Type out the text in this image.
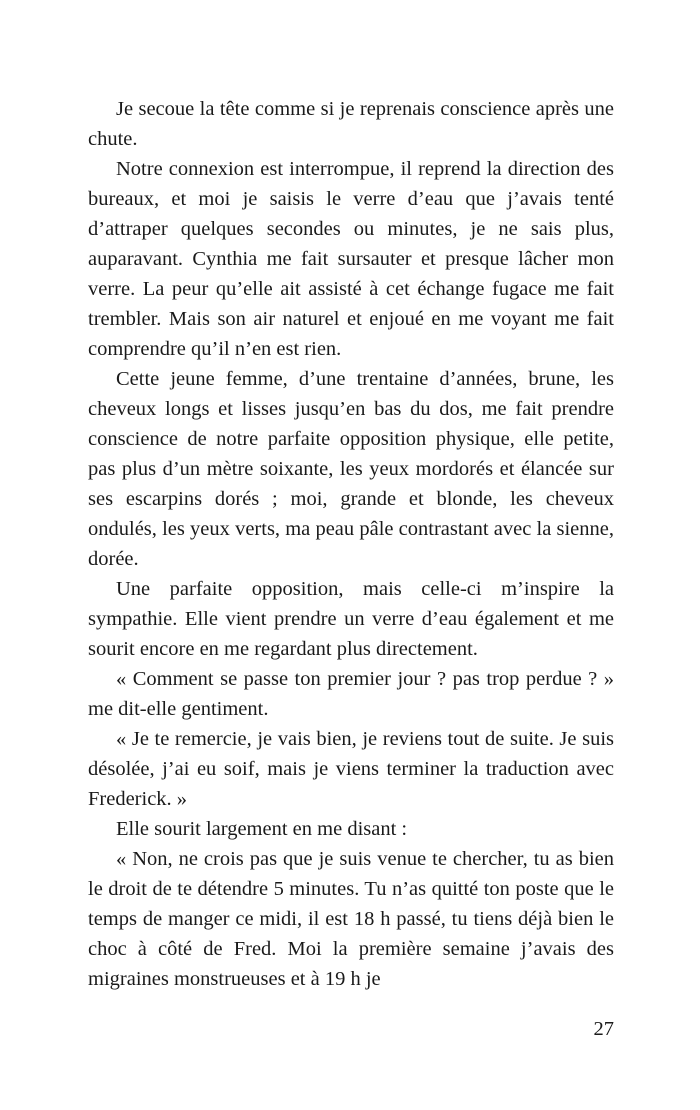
Je secoue la tête comme si je reprenais conscience après une chute.

Notre connexion est interrompue, il reprend la direction des bureaux, et moi je saisis le verre d’eau que j’avais tenté d’attraper quelques secondes ou minutes, je ne sais plus, auparavant. Cynthia me fait sursauter et presque lâcher mon verre. La peur qu’elle ait assisté à cet échange fugace me fait trembler. Mais son air naturel et enjoué en me voyant me fait comprendre qu’il n’en est rien.

Cette jeune femme, d’une trentaine d’années, brune, les cheveux longs et lisses jusqu’en bas du dos, me fait prendre conscience de notre parfaite opposition physique, elle petite, pas plus d’un mètre soixante, les yeux mordorés et élancée sur ses escarpins dorés ; moi, grande et blonde, les cheveux ondulés, les yeux verts, ma peau pâle contrastant avec la sienne, dorée.

Une parfaite opposition, mais celle-ci m’inspire la sympathie. Elle vient prendre un verre d’eau également et me sourit encore en me regardant plus directement.

« Comment se passe ton premier jour ? pas trop perdue ? » me dit-elle gentiment.

« Je te remercie, je vais bien, je reviens tout de suite. Je suis désolée, j’ai eu soif, mais je viens terminer la traduction avec Frederick. »

Elle sourit largement en me disant :

« Non, ne crois pas que je suis venue te chercher, tu as bien le droit de te détendre 5 minutes. Tu n’as quitté ton poste que le temps de manger ce midi, il est 18 h passé, tu tiens déjà bien le choc à côté de Fred. Moi la première semaine j’avais des migraines monstrueuses et à 19 h je

27
